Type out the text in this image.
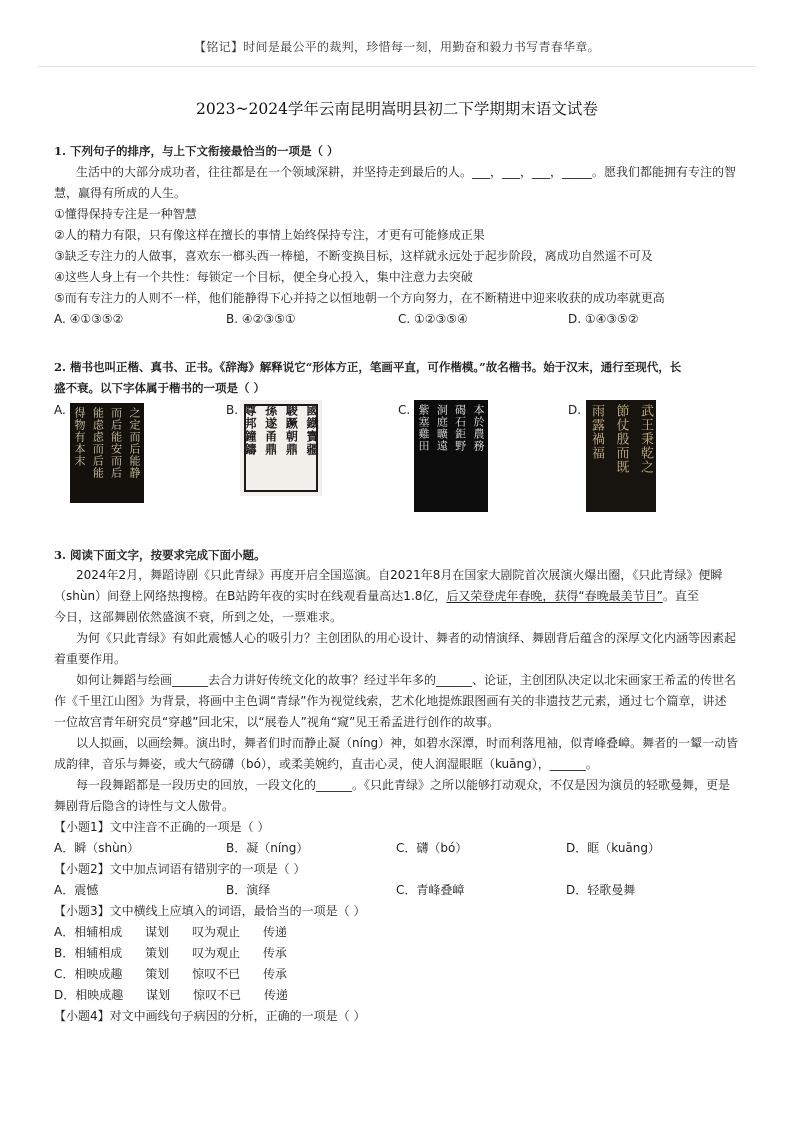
【铭记】时间是最公平的裁判，珍惜每一刻，用勤奋和毅力书写青春华章。
2023~2024学年云南昆明嵩明县初二下学期期末语文试卷
1. 下列句子的排序，与上下文衔接最恰当的一项是（ ）
生活中的大部分成功者，往往都是在一个领域深耕，并坚持走到最后的人。___，___，___，_____。愿我们都能拥有专注的智
慧，赢得有所成的人生。
①懂得保持专注是一种智慧
②人的精力有限，只有像这样在擅长的事情上始终保持专注，才更有可能修成正果
③缺乏专注力的人做事，喜欢东一榔头西一棒槌，不断变换目标，这样就永远处于起步阶段，离成功自然遥不可及
④这些人身上有一个共性：每锁定一个目标，便全身心投入，集中注意力去突破
⑤而有专注力的人则不一样，他们能静得下心并持之以恒地朝一个方向努力，在不断精进中迎来收获的成功率就更高
A. ④①③⑤②	B. ④②③⑤①	C. ①②③⑤④	D. ①④③⑤②
2. 楷书也叫正楷、真书、正书。《辞海》解释说它“形体方正，笔画平直，可作楷模。”故名楷书。始于汉末，通行至现代，长
盛不衰。以下字体属于楷书的一项是（ ）
A.	之定而后能静
而后能安而后
能虑虑而后能
得物有本末	B.	國鐡寶疆
駿蹶朝鼎
孫遂甬鼎
尊邦鐘鑄	C.	本於農務
碣石鉅野
洞庭曠遠
紫塞雞田	D.	武王秉乾之
節仗殷而既
雨露禍福
3. 阅读下面文字，按要求完成下面小题。
2024年2月，舞蹈诗剧《只此青绿》再度开启全国巡演。自2021年8月在国家大剧院首次展演火爆出圈，《只此青绿》便瞬
（shùn）间登上网络热搜榜。在B站跨年夜的实时在线观看量高达1.8亿，后又荣登虎年春晚，获得“春晚最美节目”。直至
今日，这部舞剧依然盛演不衰，所到之处，一票难求。
为何《只此青绿》有如此震憾人心的吸引力？主创团队的用心设计、舞者的动情演绎、舞剧背后蕴含的深厚文化内涵等因素起
着重要作用。
如何让舞蹈与绘画______去合力讲好传统文化的故事？经过半年多的______、论证，主创团队决定以北宋画家王希孟的传世名
作《千里江山图》为背景，将画中主色调“青绿”作为视觉线索，艺术化地提炼跟图画有关的非遗技艺元素，通过七个篇章，讲述
一位故宫青年研究员“穿越”回北宋，以“展卷人”视角“窥”见王希孟进行创作的故事。
以人拟画，以画绘舞。演出时，舞者们时而静止凝（níng）神，如碧水深潭，时而利落甩袖，似青峰叠嶂。舞者的一颦一动皆
成韵律，音乐与舞姿，或大气磅礴（bó），或柔美婉约，直击心灵，使人润湿眼眶（kuāng），______。
每一段舞蹈都是一段历史的回放，一段文化的______。《只此青绿》之所以能够打动观众，不仅是因为演员的轻歌曼舞，更是
舞剧背后隐含的诗性与文人傲骨。
【小题1】文中注音不正确的一项是（ ）
A．瞬（shùn）	B．凝（níng）	C．礴（bó）	D．眶（kuāng）
【小题2】文中加点词语有错别字的一项是（ ）
A．震憾	B．演绎	C．青峰叠嶂	D．轻歌曼舞
【小题3】文中横线上应填入的词语，最恰当的一项是（ ）
A．相辅相成      谋划      叹为观止      传递
B．相辅相成      策划      叹为观止      传承
C．相映成趣      策划      惊叹不已      传承
D．相映成趣      谋划      惊叹不已      传递
【小题4】对文中画线句子病因的分析，正确的一项是（ ）
